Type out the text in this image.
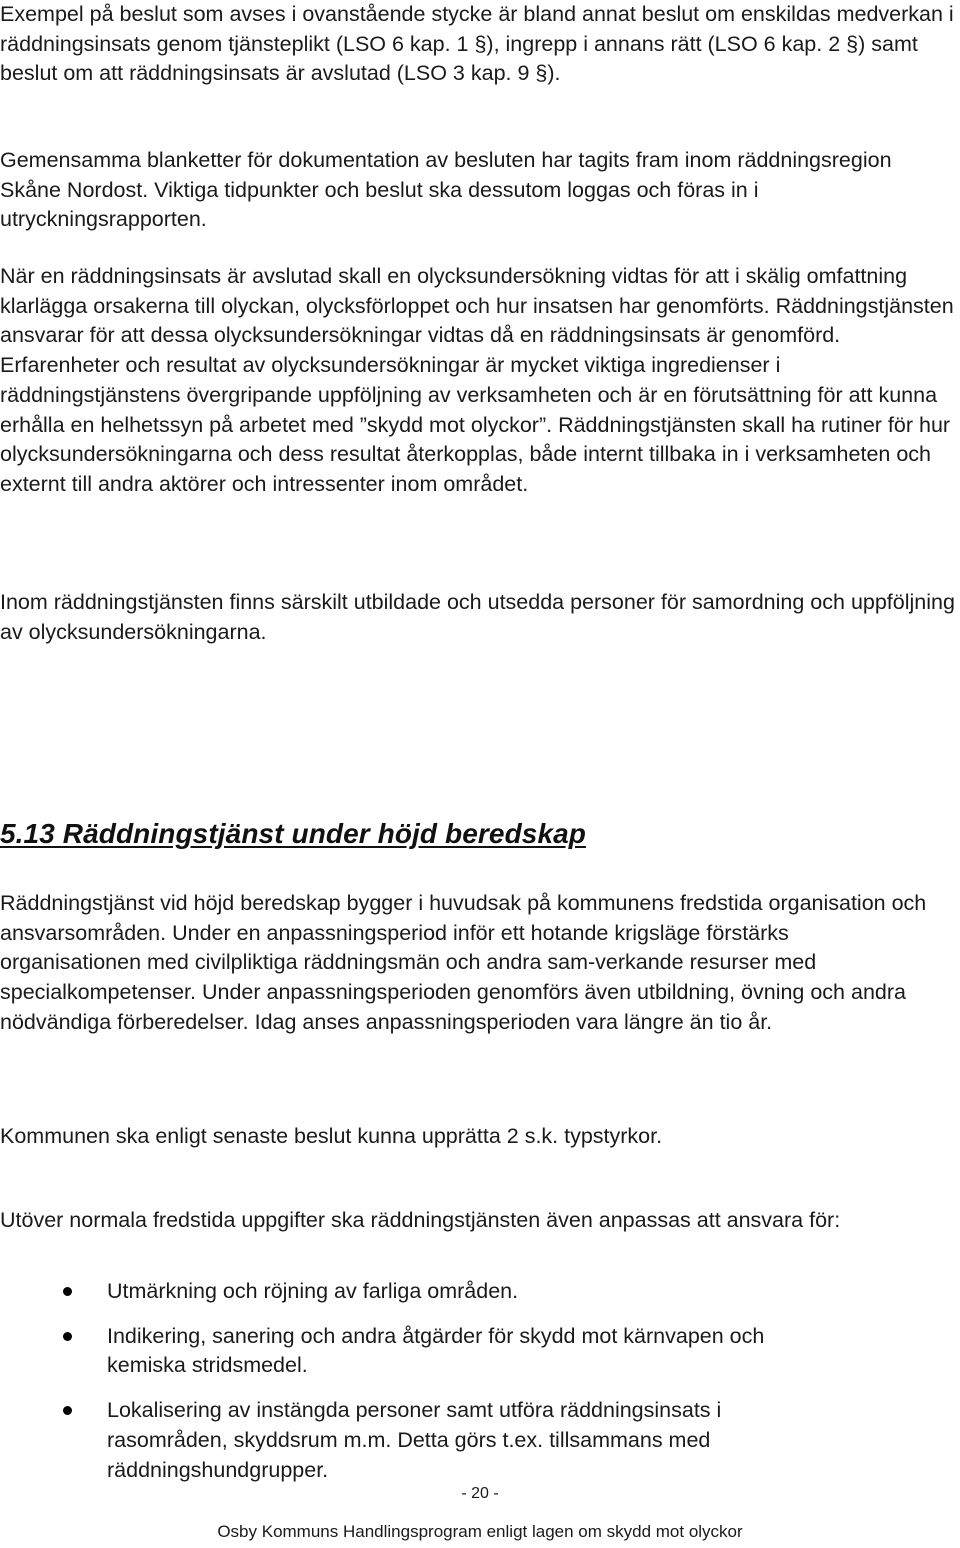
Exempel på beslut som avses i ovanstående stycke är bland annat beslut om enskildas medverkan i räddningsinsats genom tjänsteplikt (LSO 6 kap. 1 §), ingrepp i annans rätt (LSO 6 kap. 2 §) samt beslut om att räddningsinsats är avslutad (LSO 3 kap. 9 §).

Gemensamma blanketter för dokumentation av besluten har tagits fram inom räddningsregion Skåne Nordost. Viktiga tidpunkter och beslut ska dessutom loggas och föras in i utryckningsrapporten.

När en räddningsinsats är avslutad skall en olycksundersökning vidtas för att i skälig omfattning klarlägga orsakerna till olyckan, olycksförloppet och hur insatsen har genomförts. Räddningstjänsten ansvarar för att dessa olycksundersökningar vidtas då en räddningsinsats är genomförd. Erfarenheter och resultat av olycksundersökningar är mycket viktiga ingredienser i räddningstjänstens övergripande uppföljning av verksamheten och är en förutsättning för att kunna erhålla en helhetssyn på arbetet med ”skydd mot olyckor”. Räddningstjänsten skall ha rutiner för hur olycksundersökningarna och dess resultat återkopplas, både internt tillbaka in i verksamheten och externt till andra aktörer och intressenter inom området.

Inom räddningstjänsten finns särskilt utbildade och utsedda personer för samordning och uppföljning av olycksundersökningarna.

5.13 Räddningstjänst under höjd beredskap

Räddningstjänst vid höjd beredskap bygger i huvudsak på kommunens fredstida organisation och ansvarsområden. Under en anpassningsperiod inför ett hotande krigsläge förstärks organisationen med civilpliktiga räddningsmän och andra sam-verkande resurser med specialkompetenser. Under anpassningsperioden genomförs även utbildning, övning och andra nödvändiga förberedelser. Idag anses anpassningsperioden vara längre än tio år.

Kommunen ska enligt senaste beslut kunna upprätta 2 s.k. typstyrkor.

Utöver normala fredstida uppgifter ska räddningstjänsten även anpassas att ansvara för:

Utmärkning och röjning av farliga områden.
Indikering, sanering och andra åtgärder för skydd mot kärnvapen och kemiska stridsmedel.
Lokalisering av instängda personer samt utföra räddningsinsats i rasområden, skyddsrum m.m. Detta görs t.ex. tillsammans med räddningshundgrupper.
- 20 -
Osby Kommuns Handlingsprogram enligt lagen om skydd mot olyckor
